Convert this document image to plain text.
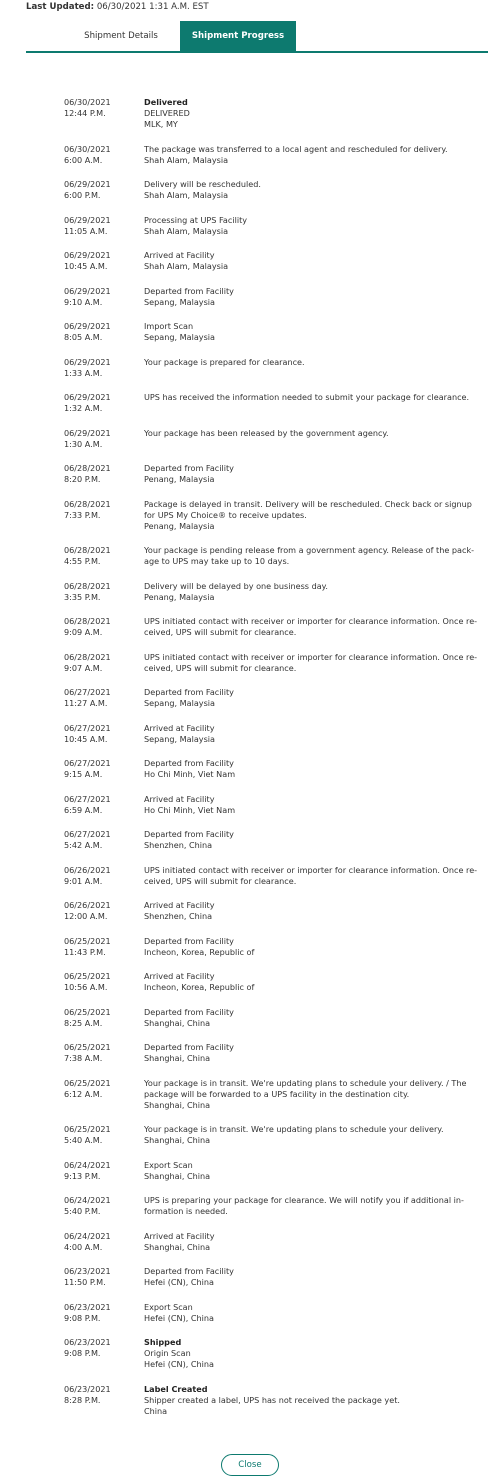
Last Updated: 06/30/2021 1:31 A.M. EST
Shipment Details	Shipment Progress
06/30/2021
12:44 P.M.
Delivered
DELIVERED
MLK, MY
06/30/2021
6:00 A.M.
The package was transferred to a local agent and rescheduled for delivery.
Shah Alam, Malaysia
06/29/2021
6:00 P.M.
Delivery will be rescheduled.
Shah Alam, Malaysia
06/29/2021
11:05 A.M.
Processing at UPS Facility
Shah Alam, Malaysia
06/29/2021
10:45 A.M.
Arrived at Facility
Shah Alam, Malaysia
06/29/2021
9:10 A.M.
Departed from Facility
Sepang, Malaysia
06/29/2021
8:05 A.M.
Import Scan
Sepang, Malaysia
06/29/2021
1:33 A.M.
Your package is prepared for clearance.
06/29/2021
1:32 A.M.
UPS has received the information needed to submit your package for clearance.
06/29/2021
1:30 A.M.
Your package has been released by the government agency.
06/28/2021
8:20 P.M.
Departed from Facility
Penang, Malaysia
06/28/2021
7:33 P.M.
Package is delayed in transit. Delivery will be rescheduled. Check back or signup
for UPS My Choice® to receive updates.
Penang, Malaysia
06/28/2021
4:55 P.M.
Your package is pending release from a government agency. Release of the pack-
age to UPS may take up to 10 days.
06/28/2021
3:35 P.M.
Delivery will be delayed by one business day.
Penang, Malaysia
06/28/2021
9:09 A.M.
UPS initiated contact with receiver or importer for clearance information. Once re-
ceived, UPS will submit for clearance.
06/28/2021
9:07 A.M.
UPS initiated contact with receiver or importer for clearance information. Once re-
ceived, UPS will submit for clearance.
06/27/2021
11:27 A.M.
Departed from Facility
Sepang, Malaysia
06/27/2021
10:45 A.M.
Arrived at Facility
Sepang, Malaysia
06/27/2021
9:15 A.M.
Departed from Facility
Ho Chi Minh, Viet Nam
06/27/2021
6:59 A.M.
Arrived at Facility
Ho Chi Minh, Viet Nam
06/27/2021
5:42 A.M.
Departed from Facility
Shenzhen, China
06/26/2021
9:01 A.M.
UPS initiated contact with receiver or importer for clearance information. Once re-
ceived, UPS will submit for clearance.
06/26/2021
12:00 A.M.
Arrived at Facility
Shenzhen, China
06/25/2021
11:43 P.M.
Departed from Facility
Incheon, Korea, Republic of
06/25/2021
10:56 A.M.
Arrived at Facility
Incheon, Korea, Republic of
06/25/2021
8:25 A.M.
Departed from Facility
Shanghai, China
06/25/2021
7:38 A.M.
Departed from Facility
Shanghai, China
06/25/2021
6:12 A.M.
Your package is in transit. We're updating plans to schedule your delivery. / The
package will be forwarded to a UPS facility in the destination city.
Shanghai, China
06/25/2021
5:40 A.M.
Your package is in transit. We're updating plans to schedule your delivery.
Shanghai, China
06/24/2021
9:13 P.M.
Export Scan
Shanghai, China
06/24/2021
5:40 P.M.
UPS is preparing your package for clearance. We will notify you if additional in-
formation is needed.
06/24/2021
4:00 A.M.
Arrived at Facility
Shanghai, China
06/23/2021
11:50 P.M.
Departed from Facility
Hefei (CN), China
06/23/2021
9:08 P.M.
Export Scan
Hefei (CN), China
06/23/2021
9:08 P.M.
Shipped
Origin Scan
Hefei (CN), China
06/23/2021
8:28 P.M.
Label Created
Shipper created a label, UPS has not received the package yet.
China
Close
